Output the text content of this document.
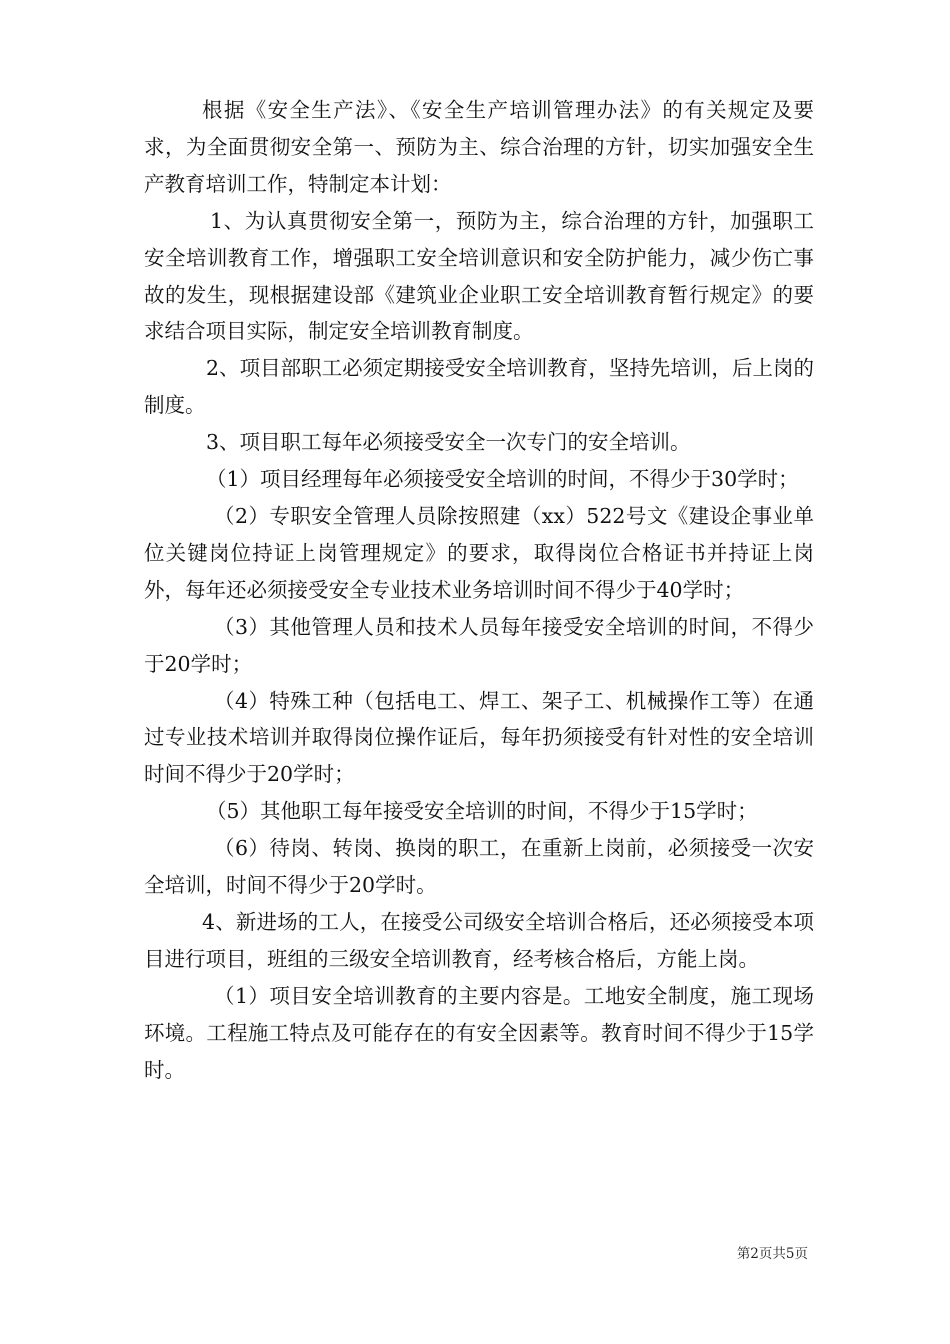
根据《安全生产法》、《安全生产培训管理办法》的有关规定及要求，为全面贯彻安全第一、预防为主、综合治理的方针，切实加强安全生产教育培训工作，特制定本计划：

1、为认真贯彻安全第一，预防为主，综合治理的方针，加强职工安全培训教育工作，增强职工安全培训意识和安全防护能力，减少伤亡事故的发生，现根据建设部《建筑业企业职工安全培训教育暂行规定》的要求结合项目实际，制定安全培训教育制度。

2、项目部职工必须定期接受安全培训教育，坚持先培训，后上岗的制度。

3、项目职工每年必须接受安全一次专门的安全培训。

（1）项目经理每年必须接受安全培训的时间，不得少于30学时；

（2）专职安全管理人员除按照建（xx）522号文《建设企事业单位关键岗位持证上岗管理规定》的要求，取得岗位合格证书并持证上岗外，每年还必须接受安全专业技术业务培训时间不得少于40学时；

（3）其他管理人员和技术人员每年接受安全培训的时间，不得少于20学时；

（4）特殊工种（包括电工、焊工、架子工、机械操作工等）在通过专业技术培训并取得岗位操作证后，每年扔须接受有针对性的安全培训时间不得少于20学时；

（5）其他职工每年接受安全培训的时间，不得少于15学时；

（6）待岗、转岗、换岗的职工，在重新上岗前，必须接受一次安全培训，时间不得少于20学时。

4、新进场的工人，在接受公司级安全培训合格后，还必须接受本项目进行项目，班组的三级安全培训教育，经考核合格后，方能上岗。

（1）项目安全培训教育的主要内容是。工地安全制度，施工现场环境。工程施工特点及可能存在的有安全因素等。教育时间不得少于15学时。

第2页共5页
